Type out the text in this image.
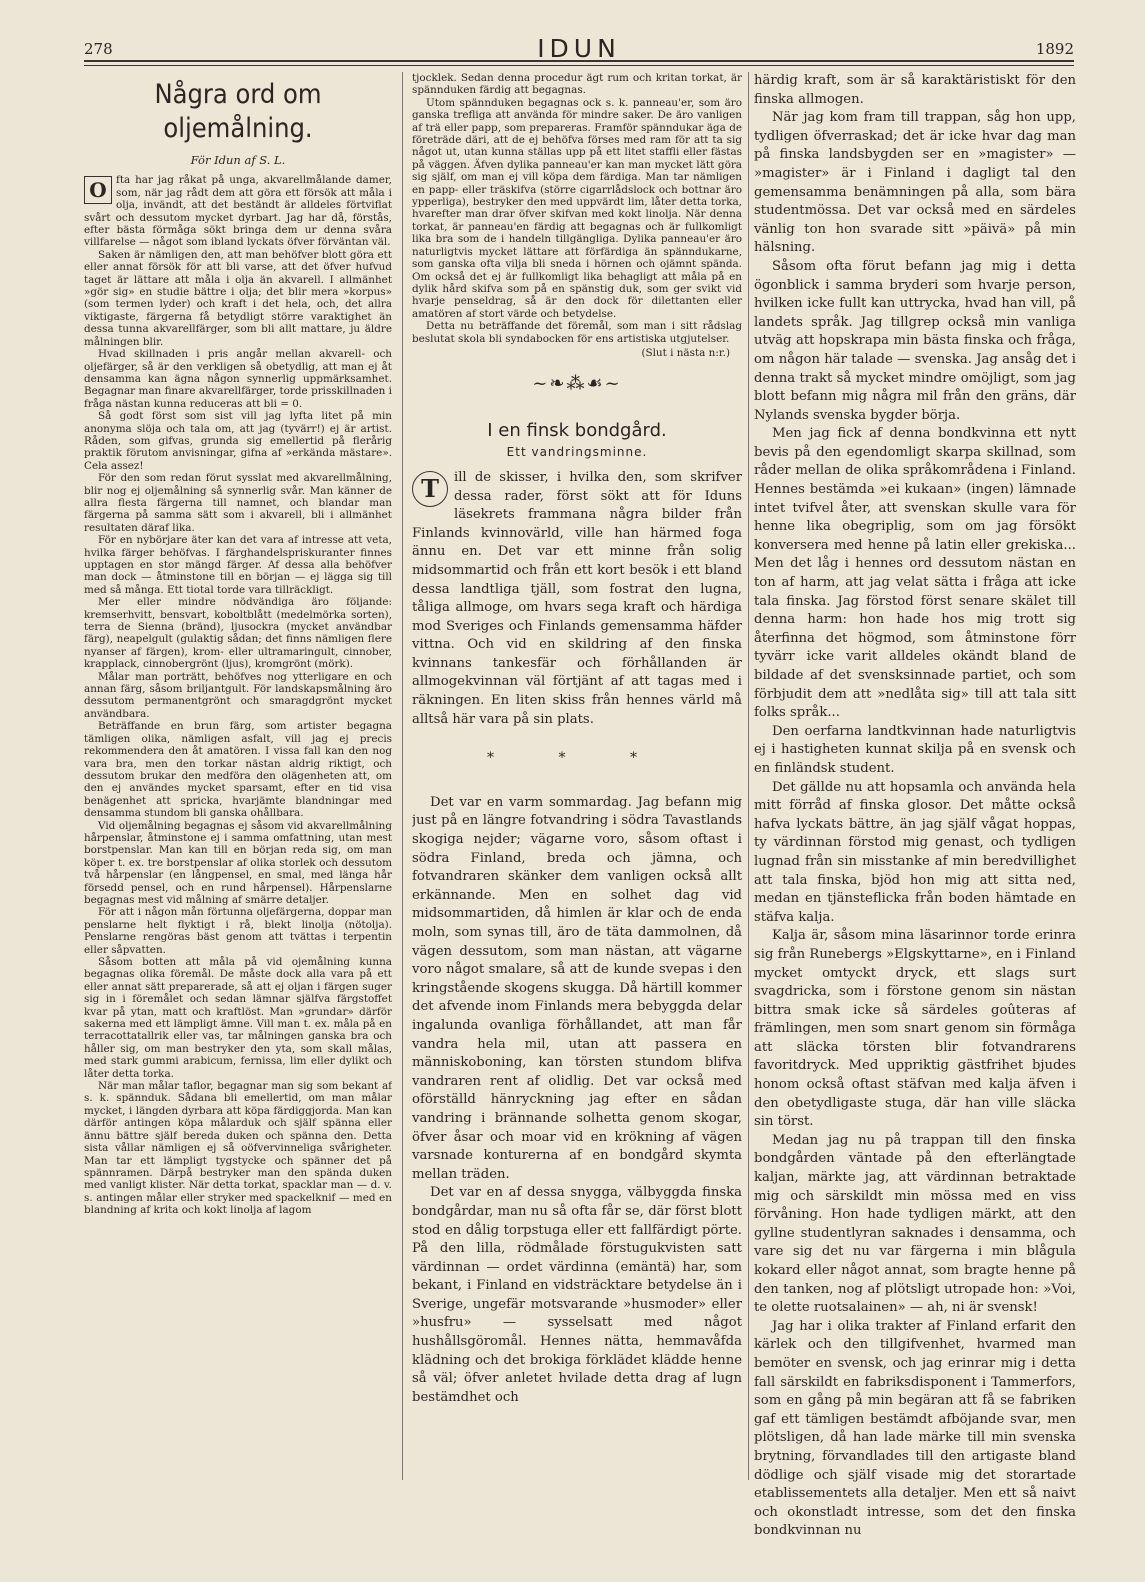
278	IDUN	1892
Några ord om oljemålning.
För Idun af S. L.
O fta har jag råkat på unga, akvarellmålande damer, som, när jag rådt dem att göra ett försök att måla i olja, invändt, att det beständt är alldeles förtviflat svårt och dessutom mycket dyrbart. Jag har då, förstås, efter bästa förmåga sökt bringa dem ur denna svåra villfarelse — något som ibland lyckats öfver förväntan väl.

Saken är nämligen den, att man behöfver blott göra ett eller annat försök för att bli varse, att det öfver hufvud taget är lättare att måla i olja än akvarell. I allmänhet »gör sig» en studie bättre i olja; det blir mera »korpus» (som termen lyder) och kraft i det hela, och, det allra viktigaste, färgerna få betydligt större varaktighet än dessa tunna akvarellfärger, som bli allt mattare, ju äldre målningen blir.

Hvad skillnaden i pris angår mellan akvarell- och oljefärger, så är den verkligen så obetydlig, att man ej åt densamma kan ägna någon synnerlig uppmärksamhet. Begagnar man finare akvarellfärger, torde prisskillnaden i fråga nästan kunna reduceras att bli = 0.

Så godt först som sist vill jag lyfta litet på min anonyma slöja och tala om, att jag (tyvärr!) ej är artist. Råden, som gifvas, grunda sig emellertid på flerårig praktik förutom anvisningar, gifna af »erkända mästare». Cela assez!

För den som redan förut sysslat med akvarellmålning, blir nog ej oljemålning så synnerlig svår. Man känner de allra flesta färgerna till namnet, och blandar man färgerna på samma sätt som i akvarell, bli i allmänhet resultaten däraf lika.

För en nybörjare äter kan det vara af intresse att veta, hvilka färger behöfvas. I färghandelspriskuranter finnes upptagen en stor mängd färger. Af dessa alla behöfver man dock — åtminstone till en början — ej lägga sig till med så många. Ett tiotal torde vara tillräckligt.

Mer eller mindre nödvändiga äro följande: kremserhvitt, bensvart, koboltblått (medelmörka sorten), terra de Sienna (bränd), ljusockra (mycket användbar färg), neapelgult (gulaktig sådan; det finns nämligen flere nyanser af färgen), krom- eller ultramaringult, cinnober, krapplack, cinnobergrönt (ljus), kromgrönt (mörk).

Målar man porträtt, behöfves nog ytterligare en och annan färg, såsom briljantgult. För landskapsmålning äro dessutom permanentgrönt och smaragdgrönt mycket användbara.

Beträffande en brun färg, som artister begagna tämligen olika, nämligen asfalt, vill jag ej precis rekommendera den åt amatören. I vissa fall kan den nog vara bra, men den torkar nästan aldrig riktigt, och dessutom brukar den medföra den olägenheten att, om den ej användes mycket sparsamt, efter en tid visa benägenhet att spricka, hvarjämte blandningar med densamma stundom bli ganska ohållbara.

Vid oljemålning begagnas ej såsom vid akvarellmålning hårpenslar, åtminstone ej i samma omfattning, utan mest borstpenslar. Man kan till en början reda sig, om man köper t. ex. tre borstpenslar af olika storlek och dessutom två hårpenslar (en långpensel, en smal, med länga hår försedd pensel, och en rund hårpensel). Hårpenslarne begagnas mest vid målning af smärre detaljer.

För att i någon mån förtunna oljefärgerna, doppar man penslarne helt flyktigt i rå, blekt linolja (nötolja). Penslarne rengöras bäst genom att tvättas i terpentin eller såpvatten.

Såsom botten att måla på vid ojemålning kunna begagnas olika föremål. De måste dock alla vara på ett eller annat sätt preparerade, så att ej oljan i färgen suger sig in i föremålet och sedan lämnar själfva färgstoffet kvar på ytan, matt och kraftlöst. Man »grundar» därför sakerna med ett lämpligt ämne. Vill man t. ex. måla på en terracottatallrik eller vas, tar målningen ganska bra och håller sig, om man bestryker den yta, som skall målas, med stark gummi arabicum, fernissa, lim eller dylikt och låter detta torka.

När man målar taflor, begagnar man sig som bekant af s. k. spännduk. Sådana bli emellertid, om man målar mycket, i längden dyrbara att köpa färdiggjorda. Man kan därför antingen köpa målarduk och själf spänna eller ännu bättre själf bereda duken och spänna den. Detta sista vållar nämligen ej så oöfvervinneliga svårigheter. Man tar ett lämpligt tygstycke och spänner det på spännramen. Därpå bestryker man den spända duken med vanligt klister. När detta torkat, spacklar man — d. v. s. antingen målar eller stryker med spackelknif — med en blandning af krita och kokt linolja af lagom

tjocklek. Sedan denna procedur ägt rum och kritan torkat, är spännduken färdig att begagnas.

Utom spännduken begagnas ock s. k. panneau'er, som äro ganska trefliga att använda för mindre saker. De äro vanligen af trä eller papp, som prepareras. Framför spänndukar äga de företräde däri, att de ej behöfva förses med ram för att ta sig något ut, utan kunna ställas upp på ett litet staffli eller fästas på väggen. Äfven dylika panneau'er kan man mycket lätt göra sig själf, om man ej vill köpa dem färdiga. Man tar nämligen en papp- eller träskifva (större cigarrlådslock och bottnar äro ypperliga), bestryker den med uppvärdt lim, låter detta torka, hvarefter man drar öfver skifvan med kokt linolja. När denna torkat, är panneau'en färdig att begagnas och är fullkomligt lika bra som de i handeln tillgängliga. Dylika panneau'er äro naturligtvis mycket lättare att förfärdiga än spänndukarne, som ganska ofta vilja bli sneda i hörnen och ojämnt spända. Om också det ej är fullkomligt lika behagligt att måla på en dylik hård skifva som på en spänstig duk, som ger svikt vid hvarje penseldrag, så är den dock för dilettanten eller amatören af stort värde och betydelse.

Detta nu beträffande det föremål, som man i sitt rådslag beslutat skola bli syndabocken för ens artistiska utgjutelser.

(Slut i nästa n:r.)
~❧⁂☙~
I en finsk bondgård.
Ett vandringsminne.
T	ill de skisser, i hvilka den, som skrifver dessa rader, först sökt att för Iduns läsekrets frammana några bilder från Finlands kvinnovärld, ville han härmed foga ännu en. Det var ett minne från solig midsommartid och från ett kort besök i ett bland dessa landtliga tjäll, som fostrat den lugna, tåliga allmoge, om hvars sega kraft och härdiga mod Sveriges och Finlands gemensamma häfder vittna. Och vid en skildring af den finska kvinnans tankesfär och förhållanden är allmogekvinnan väl förtjänt af att tagas med i räkningen. En liten skiss från hennes värld må alltså här vara på sin plats.

* * *

Det var en varm sommardag. Jag befann mig just på en längre fotvandring i södra Tavastlands skogiga nejder; vägarne voro, såsom oftast i södra Finland, breda och jämna, och fotvandraren skänker dem vanligen också allt erkännande. Men en solhet dag vid midsommartiden, då himlen är klar och de enda moln, som synas till, äro de täta dammolnen, då vägen dessutom, som man nästan, att vägarne voro något smalare, så att de kunde svepas i den kringstående skogens skugga. Då härtill kommer det afvende inom Finlands mera bebyggda delar ingalunda ovanliga förhållandet, att man får vandra hela mil, utan att passera en människoboning, kan törsten stundom blifva vandraren rent af olidlig. Det var också med oförställd hänryckning jag efter en sådan vandring i brännande solhetta genom skogar, öfver åsar och moar vid en krökning af vägen varsnade konturerna af en bondgård skymta mellan träden.

Det var en af dessa snygga, välbyggda finska bondgårdar, man nu så ofta får se, där först blott stod en dålig torpstuga eller ett fallfärdigt pörte. På den lilla, rödmålade förstugukvisten satt värdinnan — ordet värdinna (emäntä) har, som bekant, i Finland en vidsträcktare betydelse än i Sverige, ungefär motsvarande »husmoder» eller »husfru» — sysselsatt med något hushållsgöromål. Hennes nätta, hemmavåfda klädning och det brokiga förklädet klädde henne så väl; öfver anletet hvilade detta drag af lugn bestämdhet och

härdig kraft, som är så karaktäristiskt för den finska allmogen.

När jag kom fram till trappan, såg hon upp, tydligen öfverraskad; det är icke hvar dag man på finska landsbygden ser en »magister» — »magister» är i Finland i dagligt tal den gemensamma benämningen på alla, som bära studentmössa. Det var också med en särdeles vänlig ton hon svarade sitt »päivä» på min hälsning.

Såsom ofta förut befann jag mig i detta ögonblick i samma bryderi som hvarje person, hvilken icke fullt kan uttrycka, hvad han vill, på landets språk. Jag tillgrep också min vanliga utväg att hopskrapa min bästa finska och fråga, om någon här talade — svenska. Jag ansåg det i denna trakt så mycket mindre omöjligt, som jag blott befann mig några mil från den gräns, där Nylands svenska bygder börja.

Men jag fick af denna bondkvinna ett nytt bevis på den egendomligt skarpa skillnad, som råder mellan de olika språkområdena i Finland. Hennes bestämda »ei kukaan» (ingen) lämnade intet tvifvel åter, att svenskan skulle vara för henne lika obegriplig, som om jag försökt konversera med henne på latin eller grekiska... Men det låg i hennes ord dessutom nästan en ton af harm, att jag velat sätta i fråga att icke tala finska. Jag förstod först senare skälet till denna harm: hon hade hos mig trott sig återfinna det högmod, som åtminstone förr tyvärr icke varit alldeles okändt bland de bildade af det svensksinnade partiet, och som förbjudit dem att »nedlåta sig» till att tala sitt folks språk...

Den oerfarna landtkvinnan hade naturligtvis ej i hastigheten kunnat skilja på en svensk och en finländsk student.

Det gällde nu att hopsamla och använda hela mitt förråd af finska glosor. Det måtte också hafva lyckats bättre, än jag själf vågat hoppas, ty värdinnan förstod mig genast, och tydligen lugnad från sin misstanke af min beredvillighet att tala finska, bjöd hon mig att sitta ned, medan en tjänsteflicka från boden hämtade en stäfva kalja.

Kalja är, såsom mina läsarinnor torde erinra sig från Runebergs »Elgskyttarne», en i Finland mycket omtyckt dryck, ett slags surt svagdricka, som i förstone genom sin nästan bittra smak icke så särdeles goûteras af främlingen, men som snart genom sin förmåga att släcka törsten blir fotvandrarens favoritdryck. Med uppriktig gästfrihet bjudes honom också oftast stäfvan med kalja äfven i den obetydligaste stuga, där han ville släcka sin törst.

Medan jag nu på trappan till den finska bondgården väntade på den efterlängtade kaljan, märkte jag, att värdinnan betraktade mig och särskildt min mössa med en viss förvåning. Hon hade tydligen märkt, att den gyllne studentlyran saknades i densamma, och vare sig det nu var färgerna i min blågula kokard eller något annat, som bragte henne på den tanken, nog af plötsligt utropade hon: »Voi, te olette ruotsalainen» — ah, ni är svensk!

Jag har i olika trakter af Finland erfarit den kärlek och den tillgifvenhet, hvarmed man bemöter en svensk, och jag erinrar mig i detta fall särskildt en fabriksdisponent i Tammerfors, som en gång på min begäran att få se fabriken gaf ett tämligen bestämdt afböjande svar, men plötsligen, då han lade märke till min svenska brytning, förvandlades till den artigaste bland dödlige och själf visade mig det storartade etablissementets alla detaljer. Men ett så naivt och okonstladt intresse, som det den finska bondkvinnan nu
